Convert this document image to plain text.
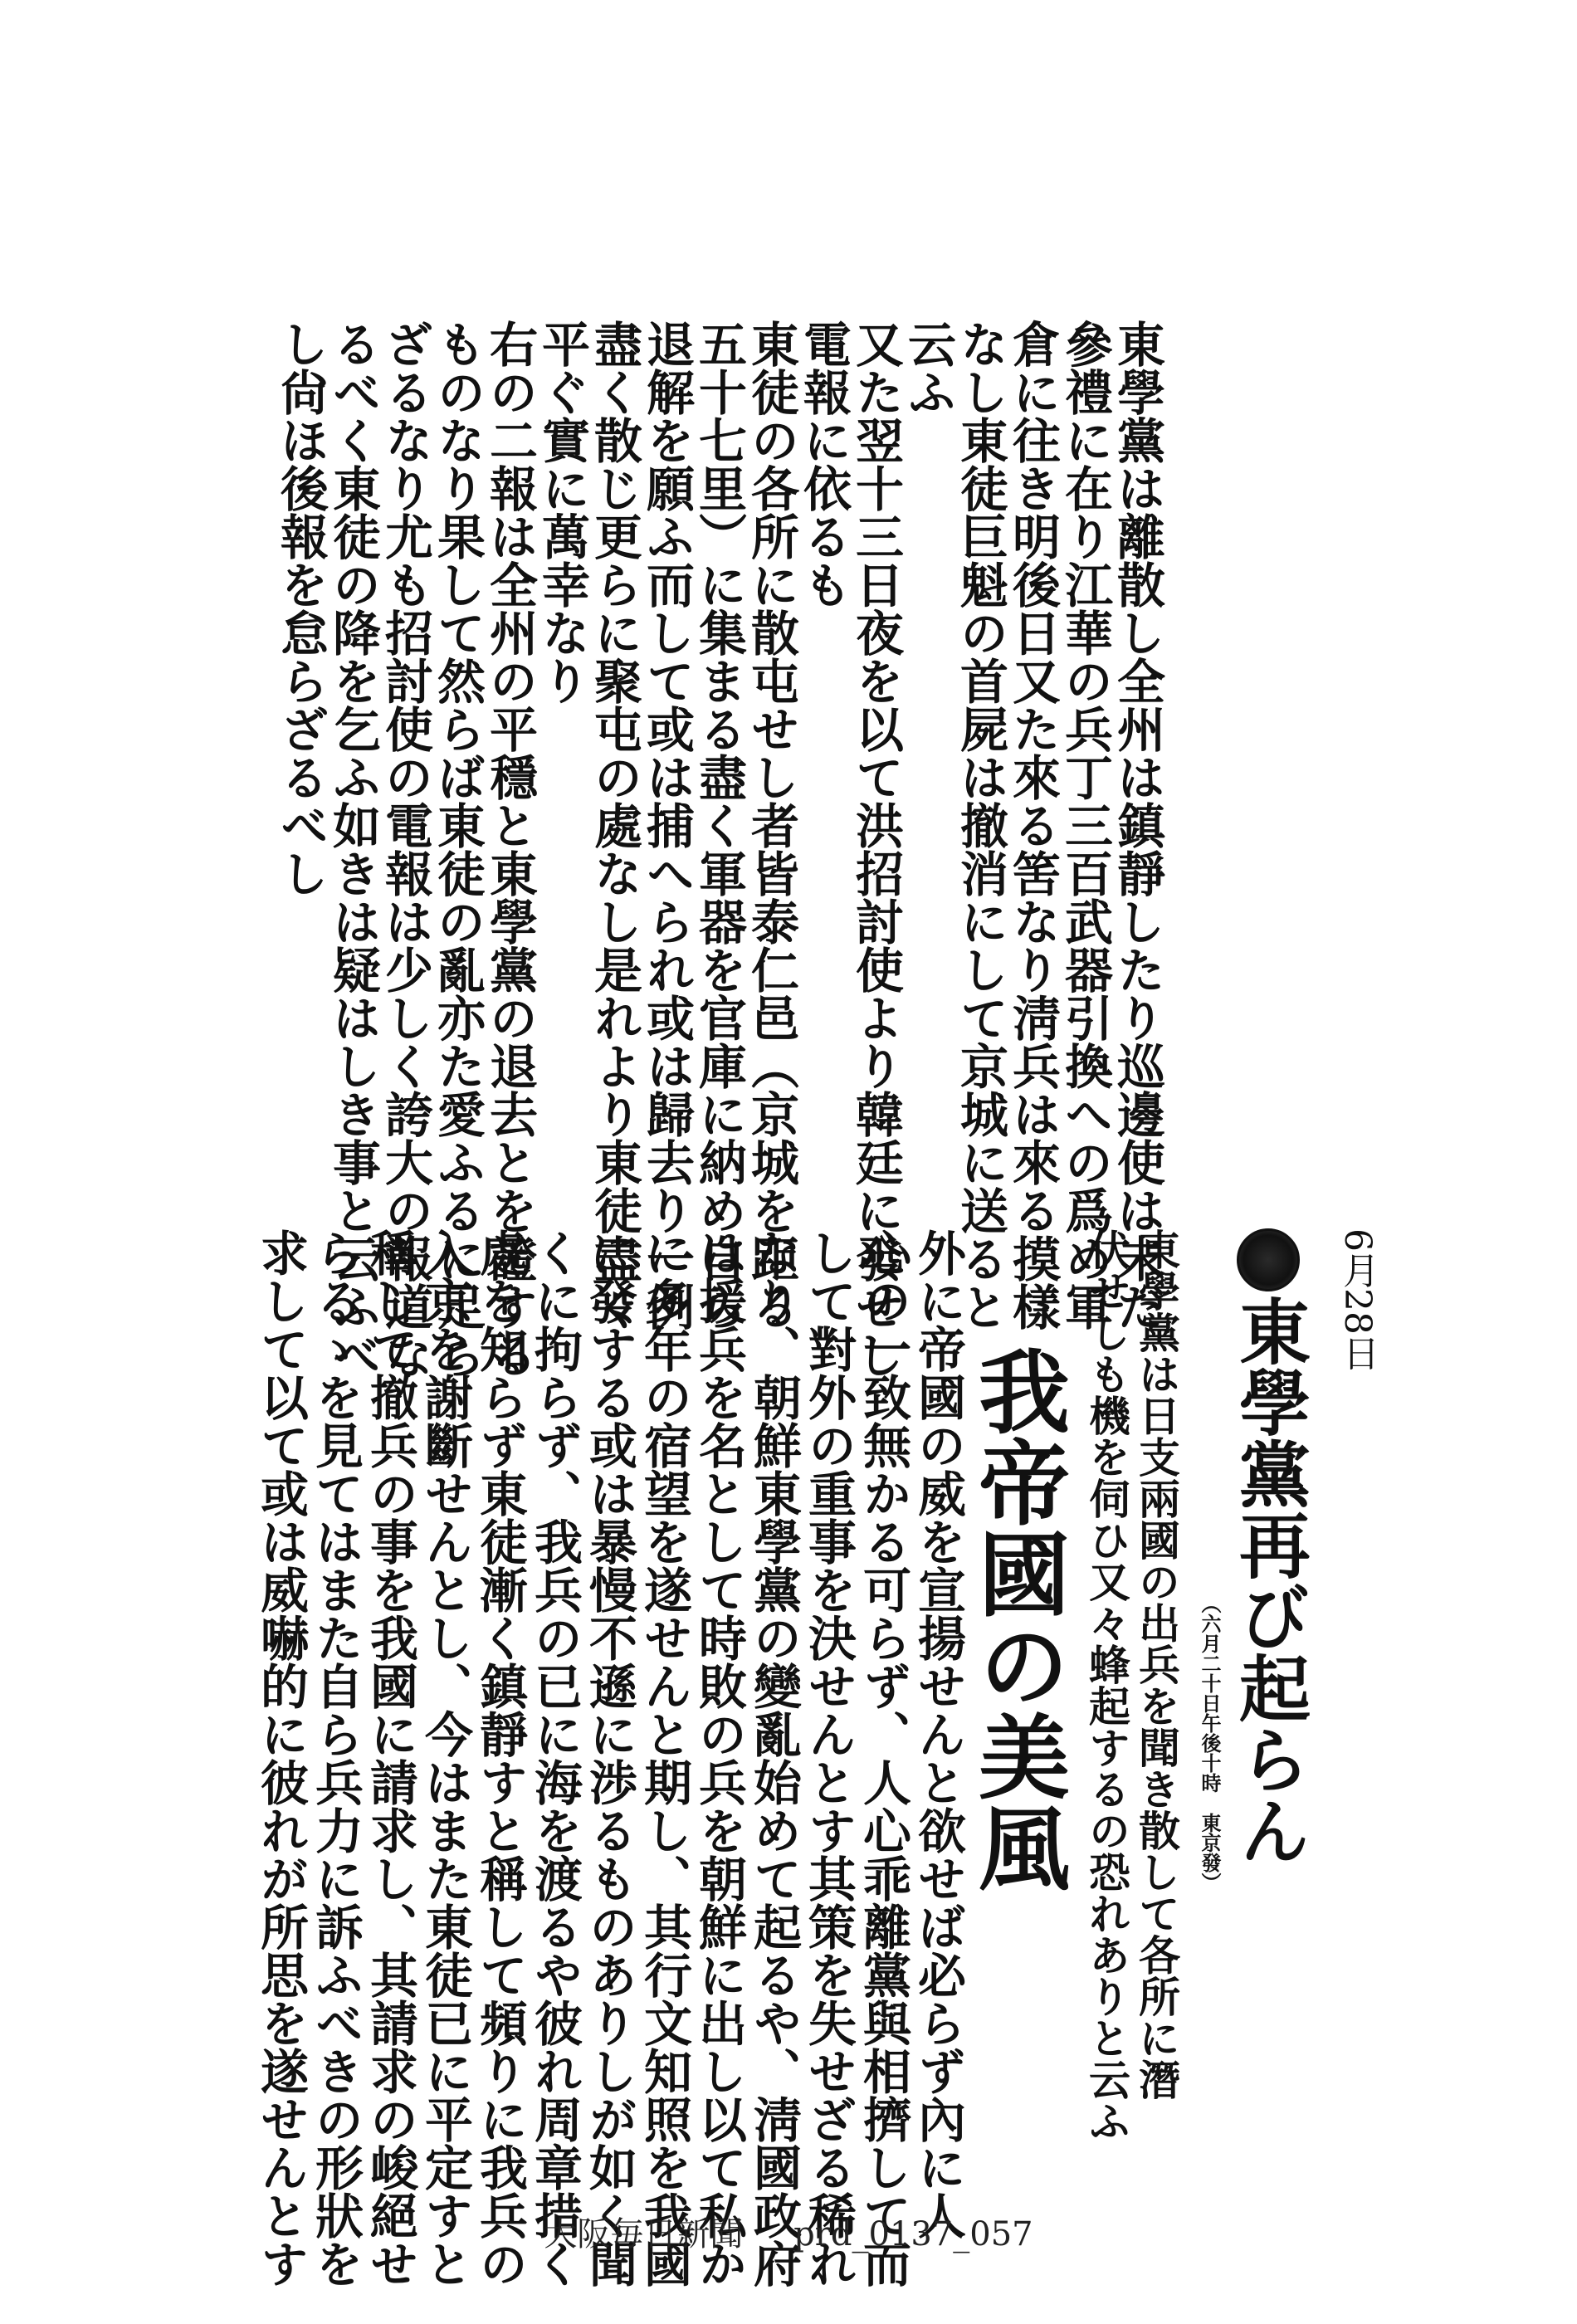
東學黨は離散し全州は鎮靜したり巡邊使は未だ
參禮に在り江華の兵丁三百武器引換への爲め軍
倉に往き明後日又た來る筈なり淸兵は來る摸樣
なし東徒巨魁の首屍は撤消にして京城に送ると
云ふ
又た翌十三日夜を以て洪招討使より韓廷に發せし
電報に依るも
東徒の各所に散屯せし者皆泰仁邑（京城を距る
五十七里）に集まる盡く軍器を官庫に納め自ら
退解を願ふ而して或は捕へられ或は歸去り一例
盡く散じ更らに聚屯の處なし是れより東徒盡く
平ぐ實に萬幸なり
右の二報は全州の平穩と東學黨の退去とを證する
ものなり果して然らば東徒の亂亦た愛ふるに足ら
ざるなり尤も招討使の電報は少しく誇大の報道な
るべく東徒の降を乞ふ如きは疑はしき事と云ふべ
し尙ほ後報を怠らざるべし
6月28日
東學黨再び起らん
（六月二十日午後十時　東京發）
東學黨は日支兩國の出兵を聞き散して各所に潛
伏せしも機を伺ひ又々蜂起するの恐れありと云ふ
我帝國の美風
外に帝國の威を宣揚せんと欲せば必らず內に人
心の一致無かる可らず、人心乖離黨與相擠して而
して對外の重事を決せんとす其策を失せざる稀れ
なり、朝鮮東學黨の變亂始めて起るや、淸國政府
は援兵を名として時敗の兵を朝鮮に出し以て私か
に多年の宿望を遂せんと期し、其行文知照を我國
に發する或は暴慢不遜に渉るものありしが如く聞
くに拘らず、我兵の已に海を渡るや彼れ周章措く
處を知らず東徒漸く鎮靜すと稱して頻りに我兵の
入京を謝斷せんとし、今はまた東徒已に平定すと
稱して撤兵の事を我國に請求し、其請求の峻絕せ
らるゝを見てはまた自ら兵力に訴ふべきの形狀を
求して以て或は威嚇的に彼れが所思を遂せんとす	大阪毎日新聞 prd_0137_057
